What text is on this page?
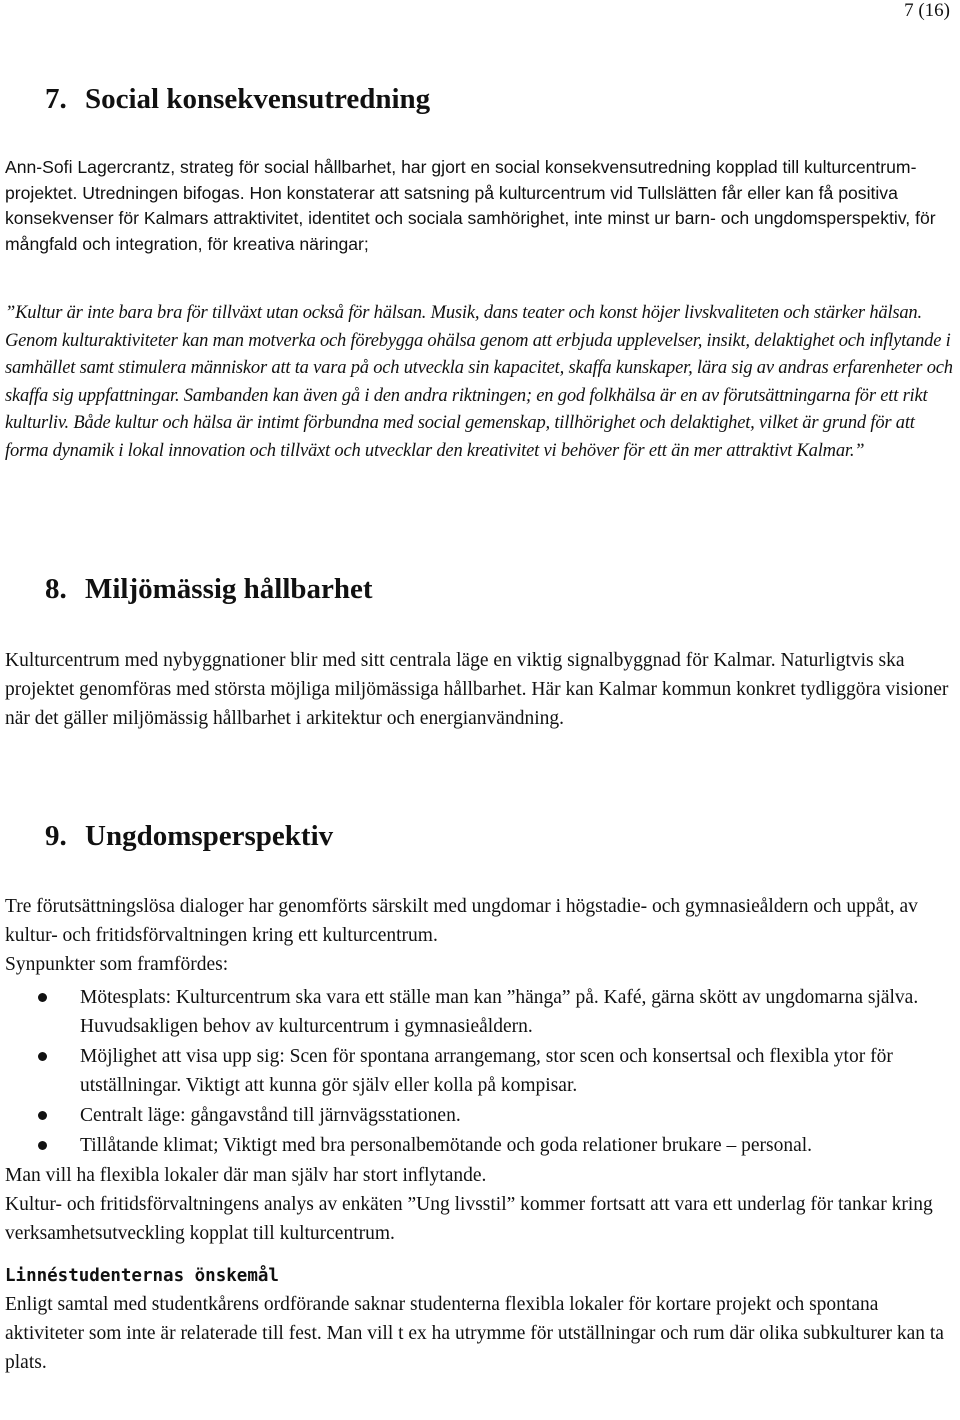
7 (16)
7. Social konsekvensutredning

Ann-Sofi Lagercrantz, strateg för social hållbarhet, har gjort en social konsekvensutredning kopplad till kulturcentrum-projektet. Utredningen bifogas. Hon konstaterar att satsning på kulturcentrum vid Tullslätten får eller kan få positiva konsekvenser för Kalmars attraktivitet, identitet och sociala samhörighet, inte minst ur barn- och ungdomsperspektiv, för mångfald och integration, för kreativa näringar;

”Kultur är inte bara bra för tillväxt utan också för hälsan. Musik, dans teater och konst höjer livskvaliteten och stärker hälsan. Genom kulturaktiviteter kan man motverka och förebygga ohälsa genom att erbjuda upplevelser, insikt, delaktighet och inflytande i samhället samt stimulera människor att ta vara på och utveckla sin kapacitet, skaffa kunskaper, lära sig av andras erfarenheter och skaffa sig uppfattningar. Sambanden kan även gå i den andra riktningen; en god folkhälsa är en av förutsättningarna för ett rikt kulturliv. Både kultur och hälsa är intimt förbundna med social gemenskap, tillhörighet och delaktighet, vilket är grund för att forma dynamik i lokal innovation och tillväxt och utvecklar den kreativitet vi behöver för ett än mer attraktivt Kalmar.”

8. Miljömässig hållbarhet

Kulturcentrum med nybyggnationer blir med sitt centrala läge en viktig signalbyggnad för Kalmar. Naturligtvis ska projektet genomföras med största möjliga miljömässiga hållbarhet. Här kan Kalmar kommun konkret tydliggöra visioner när det gäller miljömässig hållbarhet i arkitektur och energianvändning.

9. Ungdomsperspektiv

Tre förutsättningslösa dialoger har genomförts särskilt med ungdomar i högstadie- och gymnasieåldern och uppåt, av kultur- och fritidsförvaltningen kring ett kulturcentrum.

Synpunkter som framfördes:

Mötesplats: Kulturcentrum ska vara ett ställe man kan ”hänga” på. Kafé, gärna skött av ungdomarna själva. Huvudsakligen behov av kulturcentrum i gymnasieåldern.
Möjlighet att visa upp sig: Scen för spontana arrangemang, stor scen och konsertsal och flexibla ytor för utställningar. Viktigt att kunna gör själv eller kolla på kompisar.
Centralt läge: gångavstånd till järnvägsstationen.
Tillåtande klimat; Viktigt med bra personalbemötande och goda relationer brukare – personal.

Man vill ha flexibla lokaler där man själv har stort inflytande.

Kultur- och fritidsförvaltningens analys av enkäten ”Ung livsstil” kommer fortsatt att vara ett underlag för tankar kring verksamhetsutveckling kopplat till kulturcentrum.

Linnéstudenternas önskemål

Enligt samtal med studentkårens ordförande saknar studenterna flexibla lokaler för kortare projekt och spontana aktiviteter som inte är relaterade till fest. Man vill t ex ha utrymme för utställningar och rum där olika subkulturer kan ta plats.
